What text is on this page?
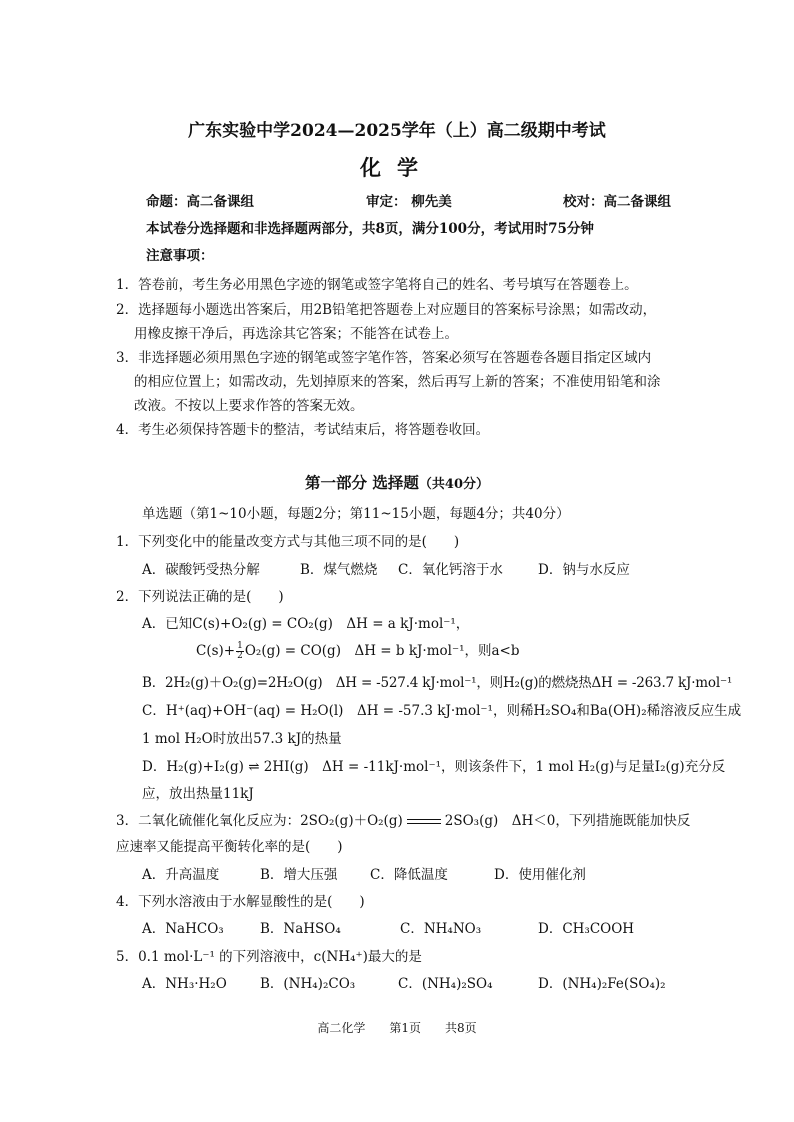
广东实验中学2024—2025学年（上）高二级期中考试
化学
命题：高二备课组	审定： 柳先美	校对：高二备课组
本试卷分选择题和非选择题两部分，共8页，满分100分，考试用时75分钟
注意事项：
1．答卷前，考生务必用黑色字迹的钢笔或签字笔将自己的姓名、考号填写在答题卷上。
2．选择题每小题选出答案后，用2B铅笔把答题卷上对应题目的答案标号涂黑；如需改动，
用橡皮擦干净后，再选涂其它答案；不能答在试卷上。
3．非选择题必须用黑色字迹的钢笔或签字笔作答，答案必须写在答题卷各题目指定区域内
的相应位置上；如需改动，先划掉原来的答案，然后再写上新的答案；不准使用铅笔和涂
改液。不按以上要求作答的答案无效。
4．考生必须保持答题卡的整洁，考试结束后，将答题卷收回。
第一部分 选择题（共40分）
单选题（第1~10小题，每题2分；第11~15小题，每题4分；共40分）
1．下列变化中的能量改变方式与其他三项不同的是(　　)
A．碳酸钙受热分解	B．煤气燃烧 C．氧化钙溶于水	D．钠与水反应
2．下列说法正确的是(　　)
A．已知C(s)+O₂(g) = CO₂(g)　ΔH = a kJ·mol⁻¹，
$C(s)+ \frac{1}{2} O_2(g) = CO(g)$　ΔH = b kJ·mol⁻¹，则a<b
B．2H₂(g)＋O₂(g)=2H₂O(g)　ΔH = -527.4 kJ·mol⁻¹，则H₂(g)的燃烧热ΔH = -263.7 kJ·mol⁻¹
C．H⁺(aq)+OH⁻(aq) = H₂O(l)　ΔH = -57.3 kJ·mol⁻¹，则稀H₂SO₄和Ba(OH)₂稀溶液反应生成
1 mol H₂O时放出57.3 kJ的热量
D．H₂(g)+I₂(g) ⇌ 2HI(g)　ΔH = -11kJ·mol⁻¹，则该条件下，1 mol H₂(g)与足量I₂(g)充分反
应，放出热量11kJ
3．二氧化硫催化氧化反应为：2SO₂(g)＋O₂(g)	2SO₃(g)　ΔH＜0，下列措施既能加快反
应速率又能提高平衡转化率的是(　　)
A．升高温度	B．增大压强 C．降低温度	D．使用催化剂
4．下列水溶液由于水解显酸性的是(　　)
A．NaHCO₃	B．NaHSO₄	C．NH₄NO₃	D．CH₃COOH
5．0.1 mol·L⁻¹ 的下列溶液中，c(NH₄⁺)最大的是
A．NH₃·H₂O B．(NH₄)₂CO₃	C．(NH₄)₂SO₄	D．(NH₄)₂Fe(SO₄)₂
高二化学　　第1页　　共8页
